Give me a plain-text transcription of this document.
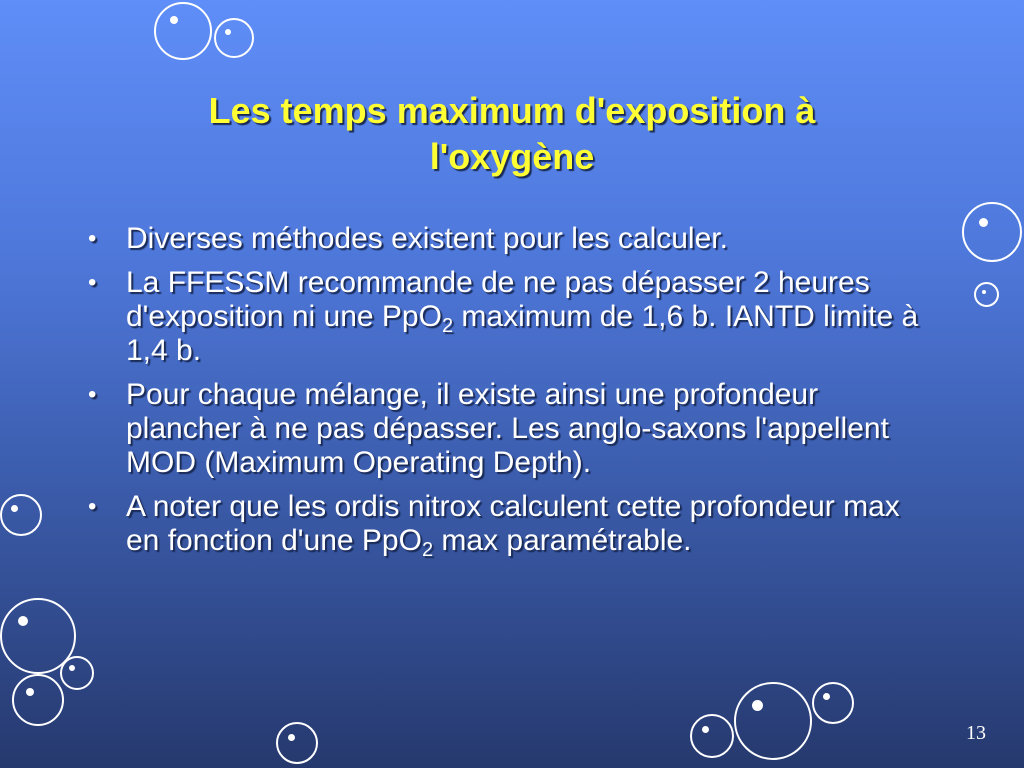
Les temps maximum d'exposition à
l'oxygène
• Diverses méthodes existent pour les calculer.
• La FFESSM recommande de ne pas dépasser 2 heures d'exposition ni une PpO$_2$ maximum de 1,6 b. IANTD limite à 1,4 b.
• Pour chaque mélange, il existe ainsi une profondeur plancher à ne pas dépasser. Les anglo-saxons l'appellent MOD (Maximum Operating Depth).
• A noter que les ordis nitrox calculent cette profondeur max en fonction d'une PpO$_2$ max paramétrable.
13
